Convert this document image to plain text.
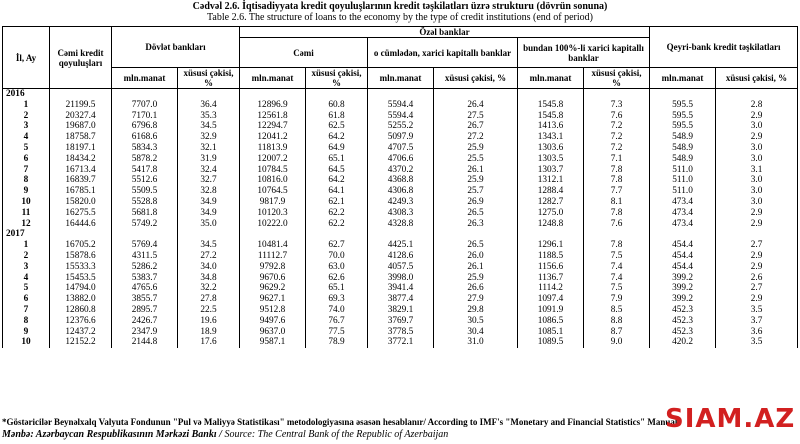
Cədvəl 2.6. İqtisadiyyata kredit qoyuluşlarının kredit təşkilatları üzrə strukturu (dövrün sonuna)
Table 2.6. The structure of loans to the economy by the type of credit institutions (end of period)
İl, Ay	Cəmi kredit qoyuluşları	Dövlət bankları		Özəl banklar						Qeyri-bank kredit təşkilatları	
				Cəmi		o cümlədən, xarici kapitallı banklar		bundan 100%-li xarici kapitallı banklar			
		mln.manat	xüsusi çəkisi, %	mln.manat	xüsusi çəkisi, %	mln.manat	xüsusi çəkisi, %	mln.manat	xüsusi çəkisi, %	mln.manat	xüsusi çəkisi, %
2016											
1	21199.5	7707.0	36.4	12896.9	60.8	5594.4	26.4	1545.8	7.3	595.5	2.8
2	20327.4	7170.1	35.3	12561.8	61.8	5594.4	27.5	1545.8	7.6	595.5	2.9
3	19687.0	6796.8	34.5	12294.7	62.5	5255.2	26.7	1413.6	7.2	595.5	3.0
4	18758.7	6168.6	32.9	12041.2	64.2	5097.9	27.2	1343.1	7.2	548.9	2.9
5	18197.1	5834.3	32.1	11813.9	64.9	4707.5	25.9	1303.6	7.2	548.9	3.0
6	18434.2	5878.2	31.9	12007.2	65.1	4706.6	25.5	1303.5	7.1	548.9	3.0
7	16713.4	5417.8	32.4	10784.5	64.5	4370.2	26.1	1303.7	7.8	511.0	3.1
8	16839.7	5512.6	32.7	10816.0	64.2	4368.8	25.9	1312.1	7.8	511.0	3.0
9	16785.1	5509.5	32.8	10764.5	64.1	4306.8	25.7	1288.4	7.7	511.0	3.0
10	15820.0	5528.8	34.9	9817.9	62.1	4249.3	26.9	1282.7	8.1	473.4	3.0
11	16275.5	5681.8	34.9	10120.3	62.2	4308.3	26.5	1275.0	7.8	473.4	2.9
12	16444.6	5749.2	35.0	10222.0	62.2	4328.8	26.3	1248.8	7.6	473.4	2.9
2017											
1	16705.2	5769.4	34.5	10481.4	62.7	4425.1	26.5	1296.1	7.8	454.4	2.7
2	15878.6	4311.5	27.2	11112.7	70.0	4128.6	26.0	1188.5	7.5	454.4	2.9
3	15533.3	5286.2	34.0	9792.8	63.0	4057.5	26.1	1156.6	7.4	454.4	2.9
4	15453.5	5383.7	34.8	9670.6	62.6	3998.0	25.9	1136.7	7.4	399.2	2.6
5	14794.0	4765.6	32.2	9629.2	65.1	3941.4	26.6	1114.2	7.5	399.2	2.7
6	13882.0	3855.7	27.8	9627.1	69.3	3877.4	27.9	1097.4	7.9	399.2	2.9
7	12860.8	2895.7	22.5	9512.8	74.0	3829.1	29.8	1091.9	8.5	452.3	3.5
8	12376.6	2426.7	19.6	9497.6	76.7	3769.7	30.5	1086.5	8.8	452.3	3.7
9	12437.2	2347.9	18.9	9637.0	77.5	3778.5	30.4	1085.1	8.7	452.3	3.6
10	12152.2	2144.8	17.6	9587.1	78.9	3772.1	31.0	1089.5	9.0	420.2	3.5
*Göstəricilər Beynəlxalq Valyuta Fondunun "Pul və Maliyyə Statistikası" metodologiyasına əsasən hesablanır/ According to IMF's "Monetary and Financial Statistics" Manual
Mənbə: Azərbaycan Respublikasının Mərkəzi Bankı / Source: The Central Bank of the Republic of Azerbaijan
SIAM.AZ
